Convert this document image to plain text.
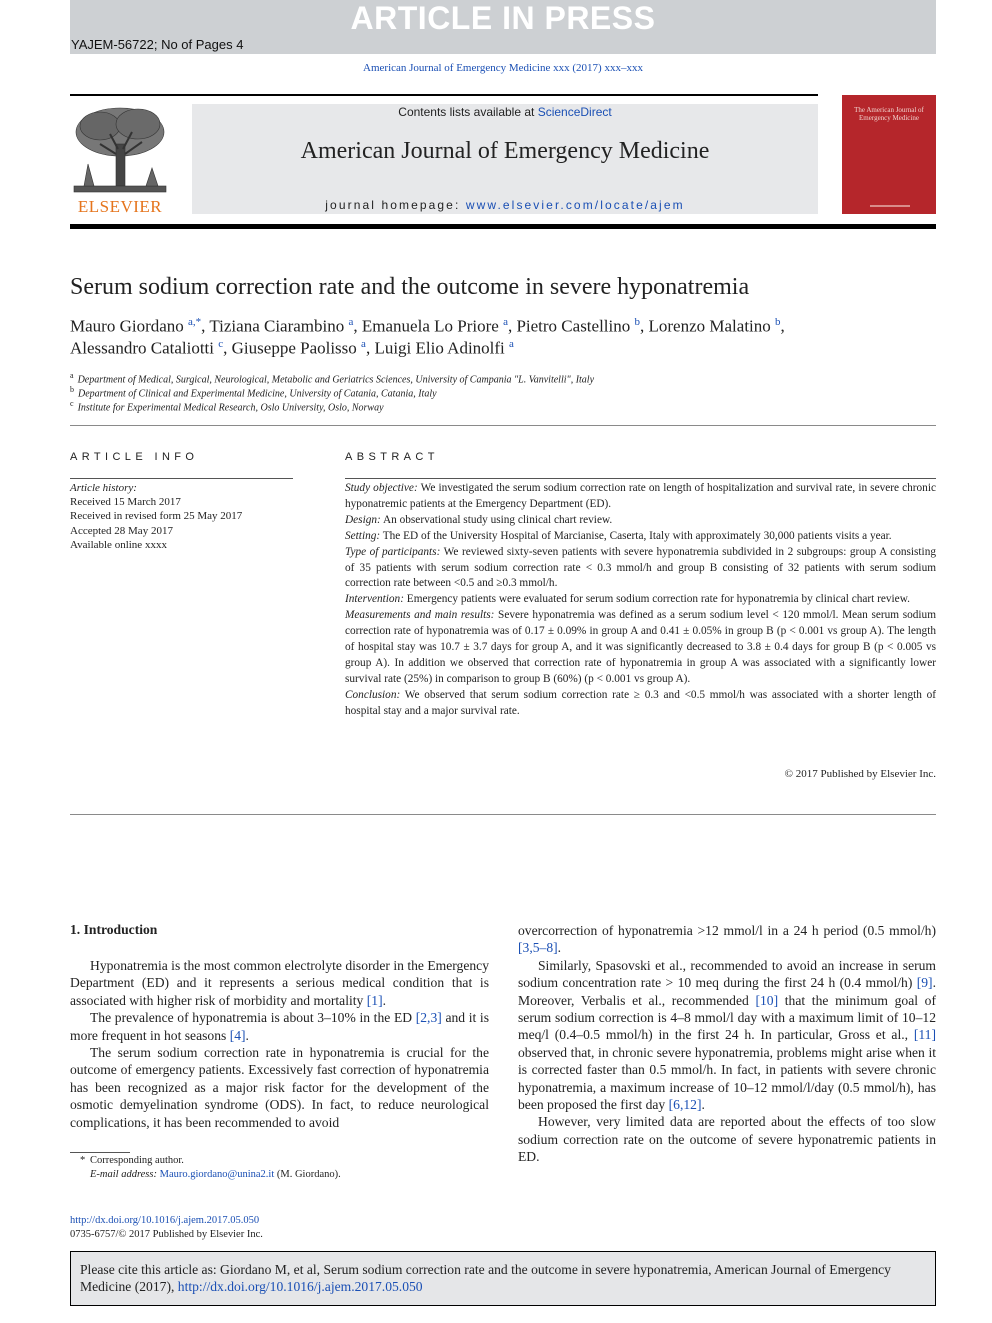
ARTICLE IN PRESS
YAJEM-56722; No of Pages 4
American Journal of Emergency Medicine xxx (2017) xxx–xxx
ELSEVIER
Contents lists available at ScienceDirect
American Journal of Emergency Medicine
journal homepage: www.elsevier.com/locate/ajem
The American Journal of Emergency Medicine
Serum sodium correction rate and the outcome in severe hyponatremia
Mauro Giordano $^{a,*}$, Tiziana Ciarambino $^a$, Emanuela Lo Priore $^a$, Pietro Castellino $^b$, Lorenzo Malatino $^b$,
Alessandro Cataliotti $^c$, Giuseppe Paolisso $^a$, Luigi Elio Adinolfi $^a$
$^a$ Department of Medical, Surgical, Neurological, Metabolic and Geriatrics Sciences, University of Campania "L. Vanvitelli", Italy
$^b$ Department of Clinical and Experimental Medicine, University of Catania, Catania, Italy
$^c$ Institute for Experimental Medical Research, Oslo University, Oslo, Norway
ARTICLE INFO
Article history:
Received 15 March 2017
Received in revised form 25 May 2017
Accepted 28 May 2017
Available online xxxx
ABSTRACT
Study objective: We investigated the serum sodium correction rate on length of hospitalization and survival rate, in severe chronic hyponatremic patients at the Emergency Department (ED).
Design: An observational study using clinical chart review.
Setting: The ED of the University Hospital of Marcianise, Caserta, Italy with approximately 30,000 patients visits a year.
Type of participants: We reviewed sixty-seven patients with severe hyponatremia subdivided in 2 subgroups: group A consisting of 35 patients with serum sodium correction rate < 0.3 mmol/h and group B consisting of 32 patients with serum sodium correction rate between <0.5 and ≥0.3 mmol/h.
Intervention: Emergency patients were evaluated for serum sodium correction rate for hyponatremia by clinical chart review.
Measurements and main results: Severe hyponatremia was defined as a serum sodium level < 120 mmol/l. Mean serum sodium correction rate of hyponatremia was of 0.17 ± 0.09% in group A and 0.41 ± 0.05% in group B (p < 0.001 vs group A). The length of hospital stay was 10.7 ± 3.7 days for group A, and it was significantly decreased to 3.8 ± 0.4 days for group B (p < 0.005 vs group A). In addition we observed that correction rate of hyponatremia in group A was associated with a significantly lower survival rate (25%) in comparison to group B (60%) (p < 0.001 vs group A).
Conclusion: We observed that serum sodium correction rate ≥ 0.3 and <0.5 mmol/h was associated with a shorter length of hospital stay and a major survival rate.
© 2017 Published by Elsevier Inc.
1. Introduction

Hyponatremia is the most common electrolyte disorder in the Emergency Department (ED) and it represents a serious medical condition that is associated with higher risk of morbidity and mortality [1].

The prevalence of hyponatremia is about 3–10% in the ED [2,3] and it is more frequent in hot seasons [4].

The serum sodium correction rate in hyponatremia is crucial for the outcome of emergency patients. Excessively fast correction of hyponatremia has been recognized as a major risk factor for the development of the osmotic demyelination syndrome (ODS). In fact, to reduce neurological complications, it has been recommended to avoid

overcorrection of hyponatremia >12 mmol/l in a 24 h period (0.5 mmol/h) [3,5–8].

Similarly, Spasovski et al., recommended to avoid an increase in serum sodium concentration rate > 10 meq during the first 24 h (0.4 mmol/h) [9]. Moreover, Verbalis et al., recommended [10] that the minimum goal of serum sodium correction is 4–8 mmol/l day with a maximum limit of 10–12 meq/l (0.4–0.5 mmol/h) in the first 24 h. In particular, Gross et al., [11] observed that, in chronic severe hyponatremia, problems might arise when it is corrected faster than 0.5 mmol/h. In fact, in patients with severe chronic hyponatremia, a maximum increase of 10–12 mmol/l/day (0.5 mmol/h), has been proposed the first day [6,12].

However, very limited data are reported about the effects of too slow sodium correction rate on the outcome of severe hyponatremic patients in ED.

* Corresponding author.
E-mail address: Mauro.giordano@unina2.it (M. Giordano).
http://dx.doi.org/10.1016/j.ajem.2017.05.050
0735-6757/© 2017 Published by Elsevier Inc.
Please cite this article as: Giordano M, et al, Serum sodium correction rate and the outcome in severe hyponatremia, American Journal of Emergency Medicine (2017), http://dx.doi.org/10.1016/j.ajem.2017.05.050
